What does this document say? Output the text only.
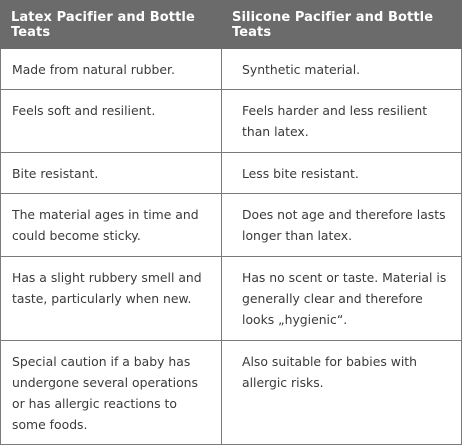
Latex Pacifier and Bottle Teats	Silicone Pacifier and Bottle Teats
Made from natural rubber.	Synthetic material.
Feels soft and resilient.	Feels harder and less resilient than latex.
Bite resistant.	Less bite resistant.
The material ages in time and could become sticky.	Does not age and therefore lasts longer than latex.
Has a slight rubbery smell and taste, particularly when new.	Has no scent or taste. Material is generally clear and therefore looks „hygienic“.
Special caution if a baby has undergone several operations or has allergic reactions to some foods.	Also suitable for babies with allergic risks.
